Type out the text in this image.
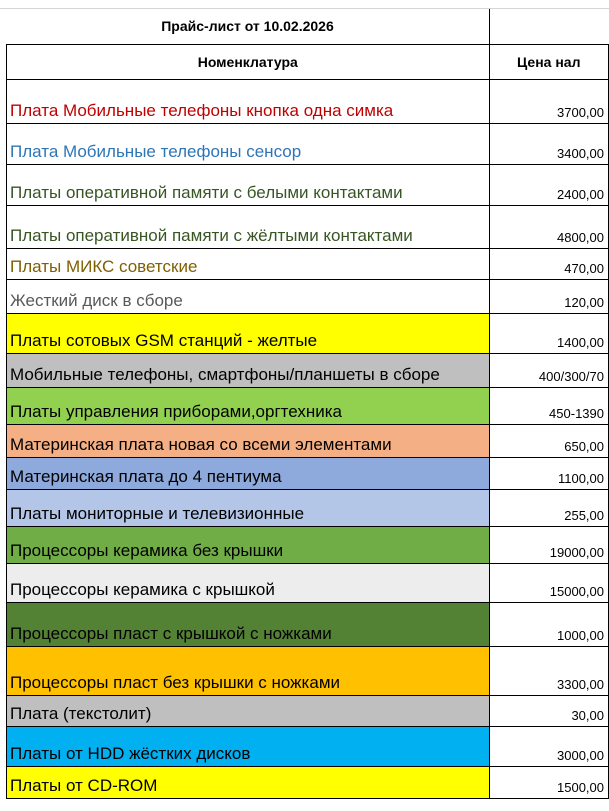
Прайс-лист от 10.02.2026	
Номенклатура	Цена нал
Плата Мобильные телефоны кнопка одна симка	3700,00
Плата Мобильные телефоны сенсор	3400,00
Платы оперативной памяти с белыми контактами	2400,00
Платы оперативной памяти с жёлтыми контактами	4800,00
Платы МИКС советские	470,00
Жесткий диск в сборе	120,00
Платы сотовых GSM станций - желтые	1400,00
Мобильные телефоны, смартфоны/планшеты в сборе	400/300/70
Платы управления приборами,оргтехника	450-1390
Материнская плата новая со всеми элементами	650,00
Материнская плата до 4 пентиума	1100,00
Платы мониторные и телевизионные	255,00
Процессоры керамика без крышки	19000,00
Процессоры керамика с крышкой	15000,00
Процессоры пласт с крышкой с ножками	1000,00
Процессоры пласт без крышки с ножками	3300,00
Плата (текстолит)	30,00
Платы от HDD жёстких дисков	3000,00
Платы от CD-ROM	1500,00
